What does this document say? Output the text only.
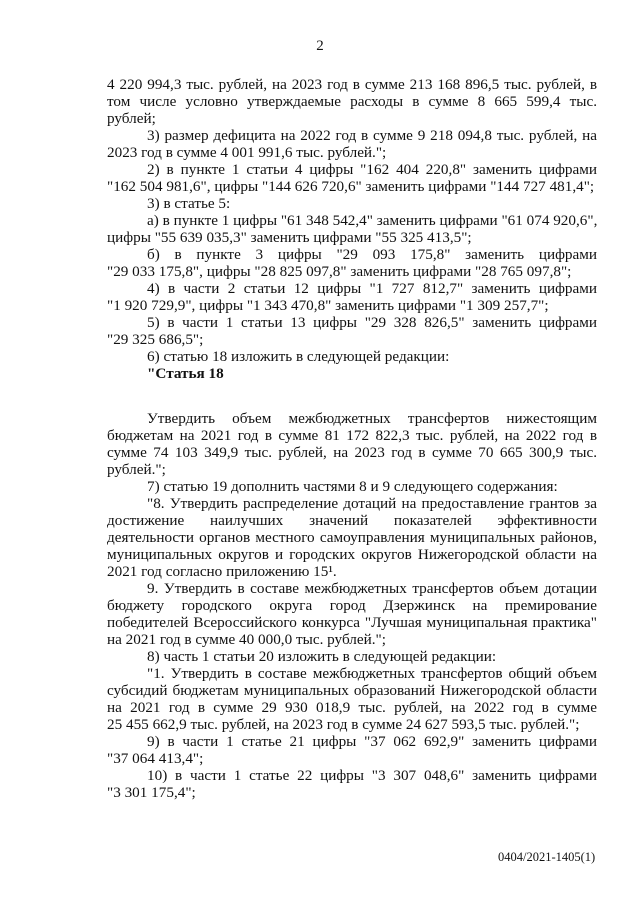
2
4 220 994,3 тыс. рублей, на 2023 год в сумме 213 168 896,5 тыс. рублей, в
том числе условно утверждаемые расходы в сумме 8 665 599,4 тыс.
рублей;
3) размер дефицита на 2022 год в сумме 9 218 094,8 тыс. рублей, на
2023 год в сумме 4 001 991,6 тыс. рублей.";
2) в пункте 1 статьи 4 цифры "162 404 220,8" заменить цифрами
"162 504 981,6", цифры "144 626 720,6" заменить цифрами "144 727 481,4";
3) в статье 5:
а) в пункте 1 цифры "61 348 542,4" заменить цифрами "61 074 920,6",
цифры "55 639 035,3" заменить цифрами "55 325 413,5";
б) в пункте 3 цифры "29 093 175,8" заменить цифрами
"29 033 175,8", цифры "28 825 097,8" заменить цифрами "28 765 097,8";
4) в части 2 статьи 12 цифры "1 727 812,7" заменить цифрами
"1 920 729,9", цифры "1 343 470,8" заменить цифрами "1 309 257,7";
5) в части 1 статьи 13 цифры "29 328 826,5" заменить цифрами
"29 325 686,5";
6) статью 18 изложить в следующей редакции:
"Статья 18
Утвердить объем межбюджетных трансфертов нижестоящим
бюджетам на 2021 год в сумме 81 172 822,3 тыс. рублей, на 2022 год в
сумме 74 103 349,9 тыс. рублей, на 2023 год в сумме 70 665 300,9 тыс.
рублей.";
7) статью 19 дополнить частями 8 и 9 следующего содержания:
"8. Утвердить распределение дотаций на предоставление грантов за
достижение наилучших значений показателей эффективности
деятельности органов местного самоуправления муниципальных районов,
муниципальных округов и городских округов Нижегородской области на
2021 год согласно приложению 15¹.
9. Утвердить в составе межбюджетных трансфертов объем дотации
бюджету городского округа город Дзержинск на премирование
победителей Всероссийского конкурса "Лучшая муниципальная практика"
на 2021 год в сумме 40 000,0 тыс. рублей.";
8) часть 1 статьи 20 изложить в следующей редакции:
"1. Утвердить в составе межбюджетных трансфертов общий объем
субсидий бюджетам муниципальных образований Нижегородской области
на 2021 год в сумме 29 930 018,9 тыс. рублей, на 2022 год в сумме
25 455 662,9 тыс. рублей, на 2023 год в сумме 24 627 593,5 тыс. рублей.";
9) в части 1 статье 21 цифры "37 062 692,9" заменить цифрами
"37 064 413,4";
10) в части 1 статье 22 цифры "3 307 048,6" заменить цифрами
"3 301 175,4";
0404/2021-1405(1)
